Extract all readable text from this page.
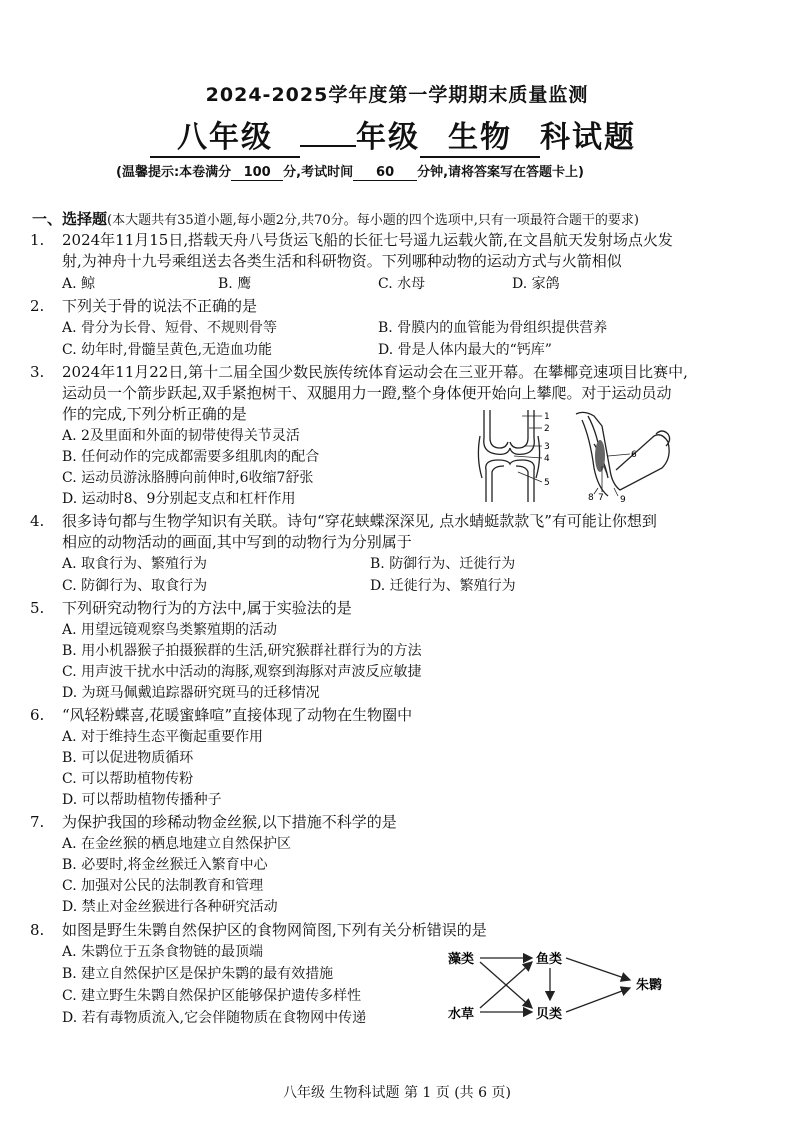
2024-2025学年度第一学期期末质量监测
八年级	年级 生物 科试题
(温馨提示:本卷满分 100 分,考试时间 60 分钟,请将答案写在答题卡上)
一、选择题(本大题共有35道小题,每小题2分,共70分。每小题的四个选项中,只有一项最符合题干的要求)
1. 2024年11月15日,搭载天舟八号货运飞船的长征七号遥九运载火箭,在文昌航天发射场点火发
射,为神舟十九号乘组送去各类生活和科研物资。下列哪种动物的运动方式与火箭相似
A. 鲸	B. 鹰	C. 水母	D. 家鸽
2. 下列关于骨的说法不正确的是
A. 骨分为长骨、短骨、不规则骨等	B. 骨膜内的血管能为骨组织提供营养
C. 幼年时,骨髓呈黄色,无造血功能	D. 骨是人体内最大的“钙库”
3. 2024年11月22日,第十二届全国少数民族传统体育运动会在三亚开幕。在攀椰竞速项目比赛中,
运动员一个箭步跃起,双手紧抱树干、双腿用力一蹬,整个身体便开始向上攀爬。对于运动员动
作的完成,下列分析正确的是
A. 2及里面和外面的韧带使得关节灵活
B. 任何动作的完成都需要多组肌肉的配合
C. 运动员游泳胳膊向前伸时,6收缩7舒张
D. 运动时8、9分别起支点和杠杆作用
1
2
3
4
5
6
7
8	9
4. 很多诗句都与生物学知识有关联。诗句“穿花蛱蝶深深见, 点水蜻蜓款款飞”有可能让你想到
相应的动物活动的画面,其中写到的动物行为分别属于
A. 取食行为、繁殖行为	B. 防御行为、迁徙行为
C. 防御行为、取食行为	D. 迁徙行为、繁殖行为
5. 下列研究动物行为的方法中,属于实验法的是
A. 用望远镜观察鸟类繁殖期的活动
B. 用小机器猴子拍摄猴群的生活,研究猴群社群行为的方法
C. 用声波干扰水中活动的海豚,观察到海豚对声波反应敏捷
D. 为斑马佩戴追踪器研究斑马的迁移情况
6. “风轻粉蝶喜,花暖蜜蜂喧”直接体现了动物在生物圈中
A. 对于维持生态平衡起重要作用
B. 可以促进物质循环
C. 可以帮助植物传粉
D. 可以帮助植物传播种子
7. 为保护我国的珍稀动物金丝猴,以下措施不科学的是
A. 在金丝猴的栖息地建立自然保护区
B. 必要时,将金丝猴迁入繁育中心
C. 加强对公民的法制教育和管理
D. 禁止对金丝猴进行各种研究活动
8. 如图是野生朱鹮自然保护区的食物网简图,下列有关分析错误的是
A. 朱鹮位于五条食物链的最顶端
B. 建立自然保护区是保护朱鹮的最有效措施
C. 建立野生朱鹮自然保护区能够保护遗传多样性
D. 若有毒物质流入,它会伴随物质在食物网中传递
藻类	鱼类
水草	贝类
朱鹮
八年级 生物科试题 第 1 页 (共 6 页)
